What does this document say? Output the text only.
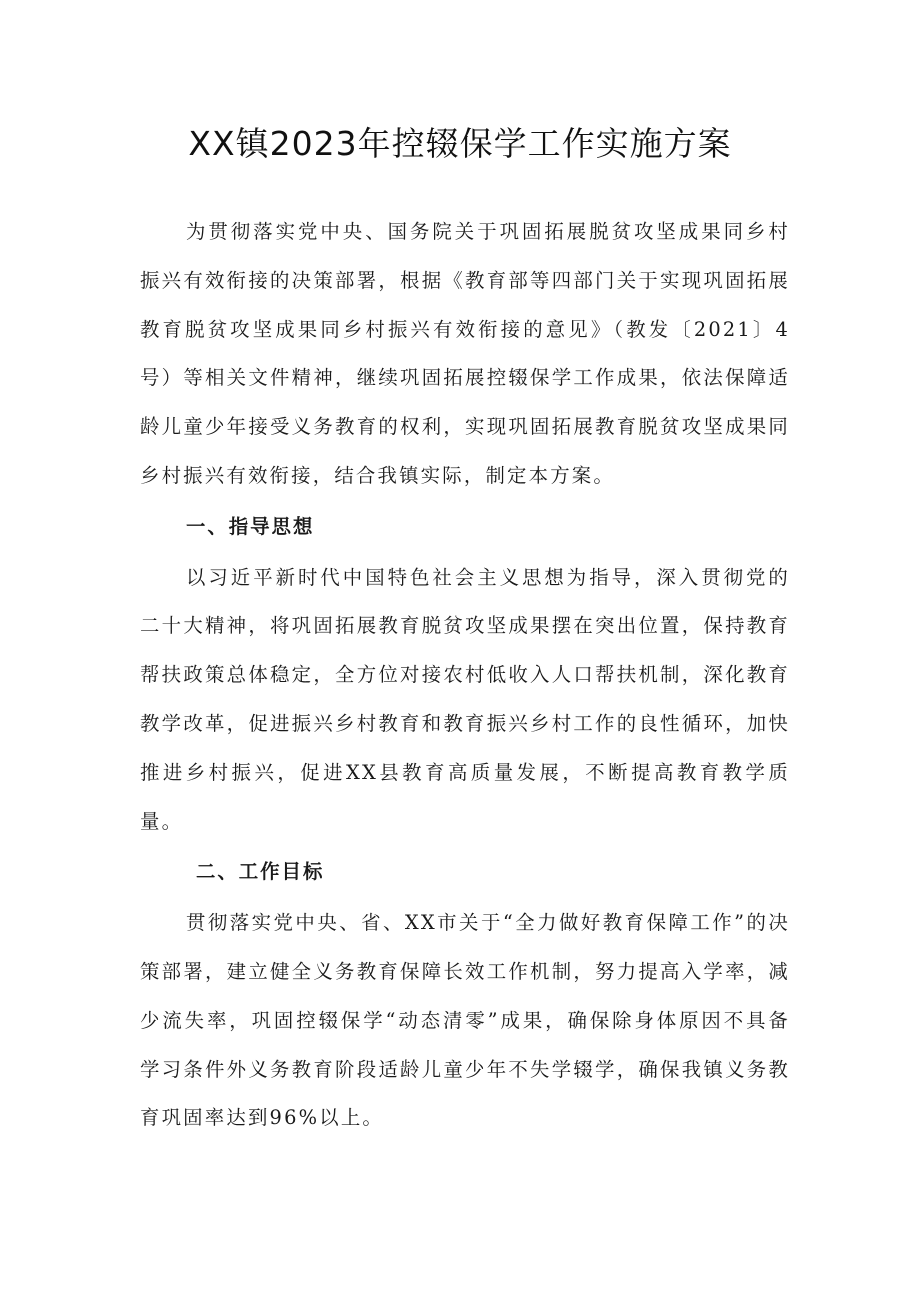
XX镇2023年控辍保学工作实施方案

为贯彻落实党中央、国务院关于巩固拓展脱贫攻坚成果同乡村振兴有效衔接的决策部署，根据《教育部等四部门关于实现巩固拓展教育脱贫攻坚成果同乡村振兴有效衔接的意见》（教发〔2021〕4号）等相关文件精神，继续巩固拓展控辍保学工作成果，依法保障适龄儿童少年接受义务教育的权利，实现巩固拓展教育脱贫攻坚成果同乡村振兴有效衔接，结合我镇实际，制定本方案。

一、指导思想

以习近平新时代中国特色社会主义思想为指导，深入贯彻党的二十大精神，将巩固拓展教育脱贫攻坚成果摆在突出位置，保持教育帮扶政策总体稳定，全方位对接农村低收入人口帮扶机制，深化教育教学改革，促进振兴乡村教育和教育振兴乡村工作的良性循环，加快推进乡村振兴，促进XX县教育高质量发展，不断提高教育教学质量。

二、工作目标

贯彻落实党中央、省、XX市关于“全力做好教育保障工作”的决策部署，建立健全义务教育保障长效工作机制，努力提高入学率，减少流失率，巩固控辍保学“动态清零”成果，确保除身体原因不具备学习条件外义务教育阶段适龄儿童少年不失学辍学，确保我镇义务教育巩固率达到96%以上。
